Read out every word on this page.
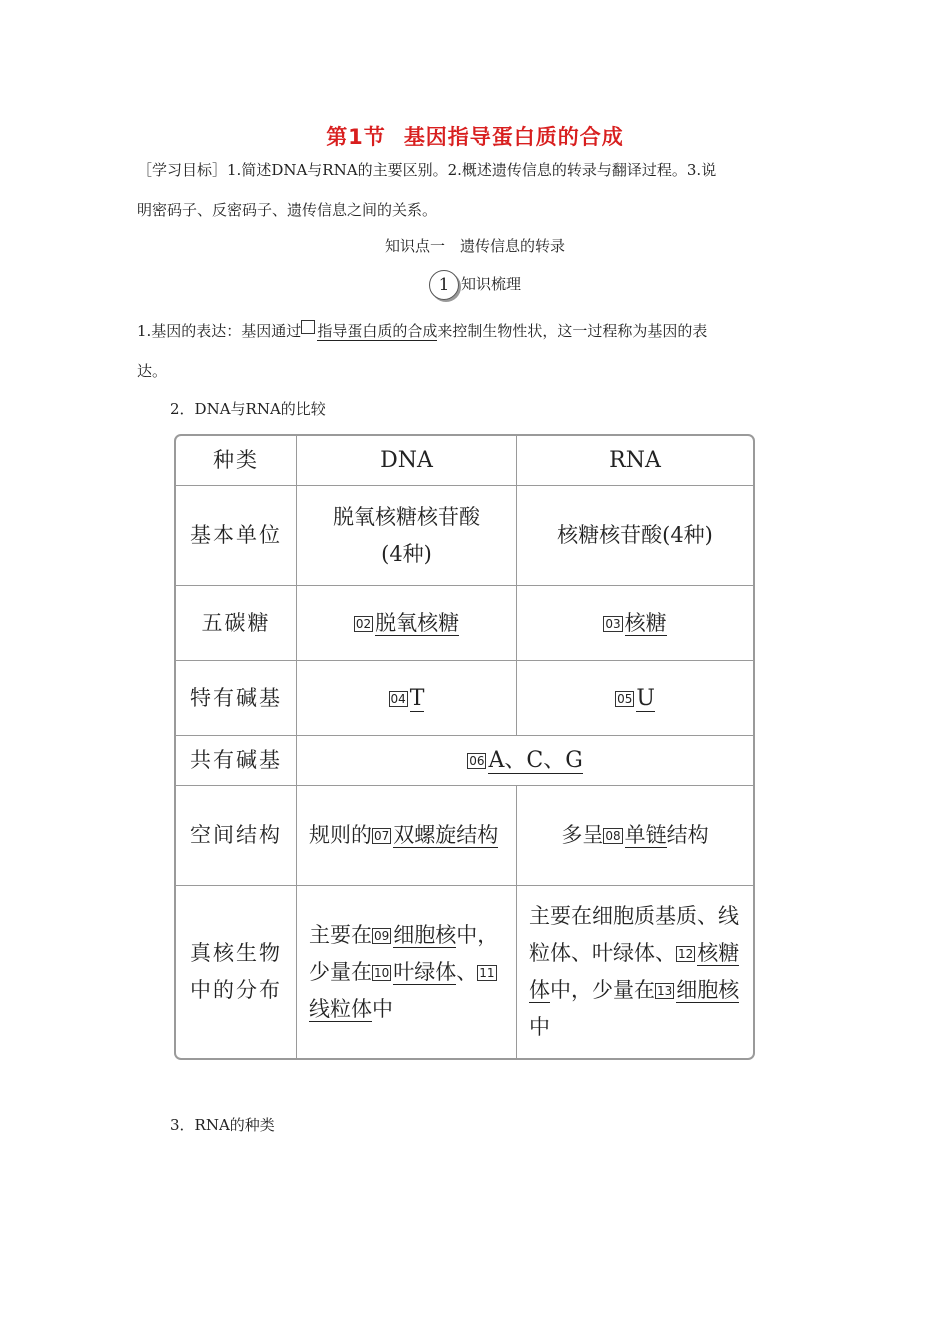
第1节 基因指导蛋白质的合成
［学习目标］1.简述DNA与RNA的主要区别。2.概述遗传信息的转录与翻译过程。3.说
明密码子、反密码子、遗传信息之间的关系。
知识点一　遗传信息的转录
1 知识梳理
1.基因的表达：基因通过 指导蛋白质的合成来控制生物性状，这一过程称为基因的表
达。
2．DNA与RNA的比较
种类	DNA	RNA
基本单位	脱氧核糖核苷酸(4种)	核糖核苷酸(4种)
五碳糖	02 脱氧核糖	03 核糖
特有碱基	04 T	05 U
共有碱基	06 A、C、G	
空间结构	规则的 07 双螺旋结构	多呈 08 单链结构
真核生物中的分布	主要在 09 细胞核中，少量在 10 叶绿体、 11线粒体中	主要在细胞质基质、线粒体、叶绿体、 12 核糖体中，少量在 13 细胞核中
3．RNA的种类
